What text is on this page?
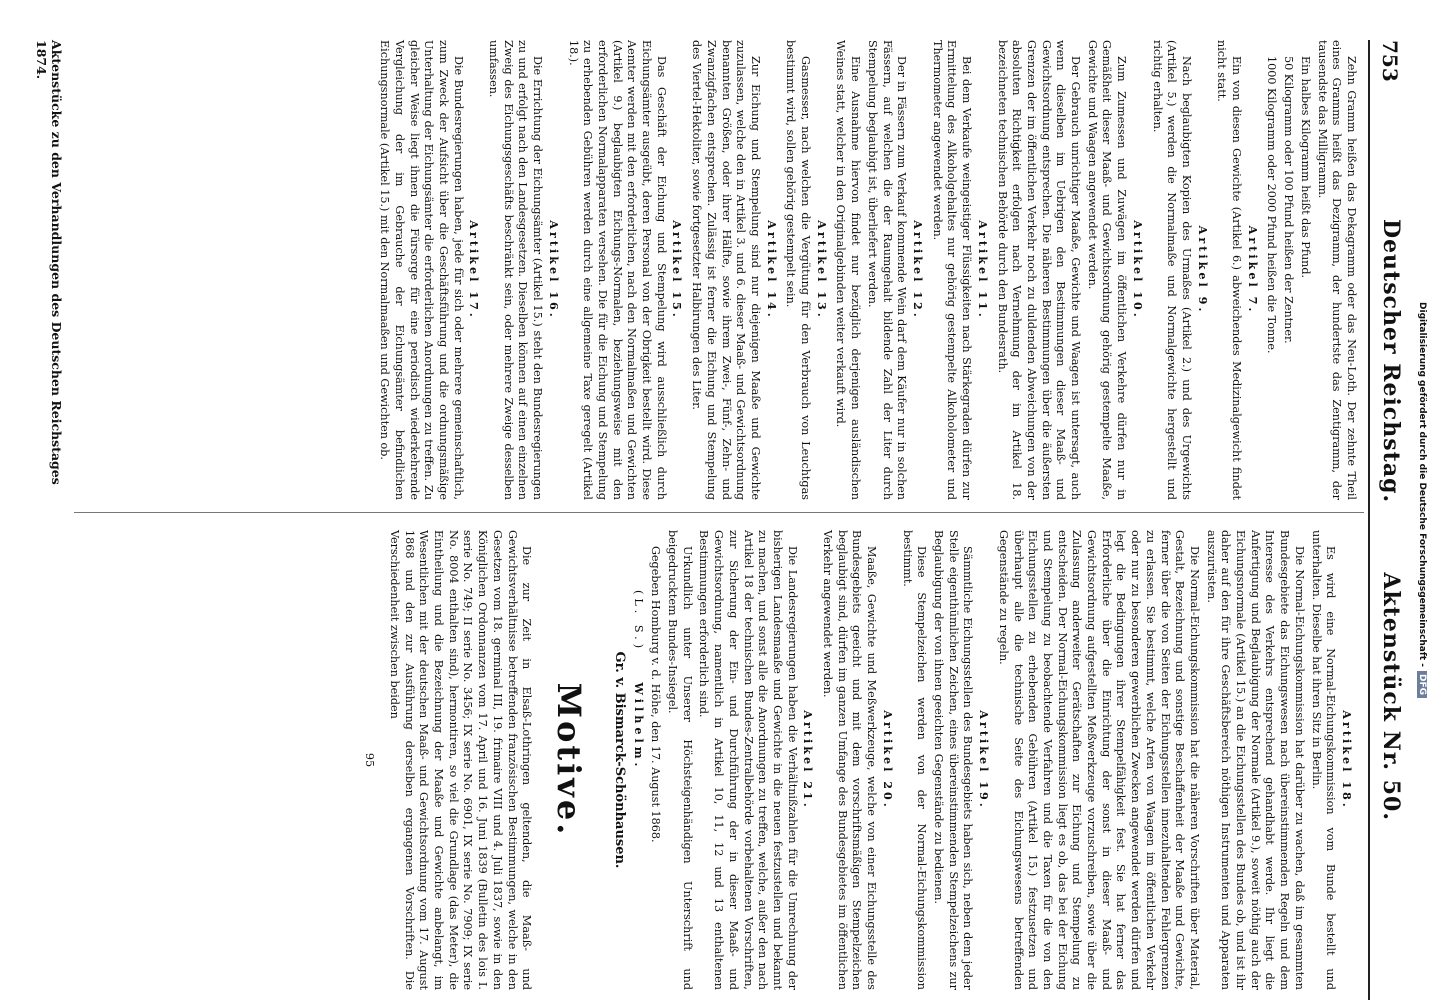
753
Deutscher Reichstag.        Aktenstück Nr. 50.

Zehn Gramm heißen das Dekagramm oder das Neu-Loth. Der zehnte Theil eines Gramms heißt das Dezigramm, der hundertste das Zentigramm, der tausendste das Milligramm.

Ein halbes Kilogramm heißt das Pfund.

50 Kilogramm oder 100 Pfund heißen der Zentner.

1000 Kilogramm oder 2000 Pfund heißen die Tonne.

Artikel 7.

Ein von diesen Gewichte (Artikel 6.) abweichendes Medizinalgewicht findet nicht statt.

Artikel 9.

Nach beglaubigten Kopien des Urmaßes (Artikel 2.) und des Urgewichts (Artikel 5.) werden die Normalmaße und Normalgewichte hergestellt und richtig erhalten.

Artikel 10.

Zum Zumessen und Zuwägen im öffentlichen Verkehre dürfen nur in Gemäßheit dieser Maaß- und Gewichtsordnung gehörig gestempelte Maaße, Gewichte und Waagen angewendet werden.

Der Gebrauch unrichtiger Maaße, Gewichte und Waagen ist untersagt, auch wenn dieselben im Uebrigen den Bestimmungen dieser Maaß- und Gewichtsordnung entsprechen. Die näheren Bestimmungen über die äußersten Grenzen der im öffentlichen Verkehr noch zu duldenden Abweichungen von der absoluten Richtigkeit erfolgen nach Vernehmung der im Artikel 18. bezeichneten technischen Behörde durch den Bundesrath.

Artikel 11.

Bei dem Verkaufe weingeistiger Flüssigkeiten nach Stärkegraden dürfen zur Ermittelung des Alkoholgehaltes nur gehörig gestempelte Alkoholometer und Thermometer angewendet werden.

Artikel 12.

Der in Fässern zum Verkauf kommende Wein darf dem Käufer nur in solchen Fässern, auf welchen die der Raumgehalt bildende Zahl der Liter durch Stempelung beglaubigt ist, überliefert werden.

Eine Ausnahme hiervon findet nur bezüglich derjenigen ausländischen Weines statt, welcher in den Originalgebinden weiter verkauft wird.

Artikel 13.

Gasmesser, nach welchen die Vergütung für den Verbrauch von Leuchtgas bestimmt wird, sollen gehörig gestempelt sein.

Artikel 14.

Zur Eichung und Stempelung sind nur diejenigen Maaße und Gewichte zuzulassen, welche den in Artikel 3. und 6. dieser Maaß- und Gewichtsordnung benannten Größen, oder ihrer Hälfte, sowie ihrem Zwei-, Fünf-, Zehn- und Zwanzigfachen entsprechen. Zulässig ist ferner die Eichung und Stempelung des Viertel-Hektoliter, sowie fortgesetzter Halbirungen des Liter.

Artikel 15.

Das Geschäft der Eichung und Stempelung wird ausschließlich durch Eichungsämter ausgeübt, deren Personal von der Obrigkeit bestellt wird. Diese Aemter werden mit den erforderlichen, nach den Normalmaßen und Gewichten (Artikel 9.) beglaubigten Eichungs-Normalen, beziehungsweise mit den erforderlichen Normalapparaten versehen. Die für die Eichung und Stempelung zu erhebenden Gebühren werden durch eine allgemeine Taxe geregelt (Artikel 18.).

Artikel 16.

Die Errichtung der Eichungsämter (Artikel 15.) steht den Bundesregierungen zu und erfolgt nach den Landesgesetzen. Dieselben können auf einen einzelnen Zweig des Eichungsgeschäfts beschränkt sein, oder mehrere Zweige desselben umfassen.

Artikel 17.

Die Bundesregierungen haben, jede für sich oder mehrere gemeinschaftlich, zum Zweck der Aufsicht über die Geschäftsführung und die ordnungsmäßige Unterhaltung der Eichungsämter die erforderlichen Anordnungen zu treffen. Zu gleicher Weise liegt ihnen die Fürsorge für eine periodisch wiederkehrende Vergleichung der im Gebrauche der Eichungsämter befindlichen Eichungsnormale (Artikel 15.) mit den Normalmaaßen und Gewichten ob.

Artikel 18.

Es wird eine Normal-Eichungskommission vom Bunde bestellt und unterhalten. Dieselbe hat ihren Sitz in Berlin.

Die Normal-Eichungskommission hat darüber zu wachen, daß im gesammten Bundesgebiete das Eichungswesen nach übereinstimmenden Regeln und dem Interesse des Verkehrs entsprechend gehandhabt werde. Ihr liegt die Anfertigung und Beglaubigung der Normale (Artikel 9.), soweit nöthig auch der Eichungsnormale (Artikel 15.) an die Eichungsstellen des Bundes ob, und ist ihr daher auf den für ihre Geschäftsbereich nöthigen Instrumenten und Apparaten auszurüsten.

Die Normal-Eichungskommission hat die näheren Vorschriften über Material, Gestalt, Bezeichnung und sonstige Beschaffenheit der Maaße und Gewichte, ferner über die von Seiten der Eichungsstellen innezuhaltenden Fehlergrenzen zu erlassen. Sie bestimmt, welche Arten von Waagen im öffentlichen Verkehr oder nur zu besonderen gewerblichen Zwecken angewendet werden dürfen und legt die Bedingungen ihrer Stempelfähigkeit fest. Sie hat ferner das Erforderliche über die Einrichtung der sonst in dieser Maaß- und Gewichtsordnung aufgestellten Meßwerkzeuge vorzuschreiben, sowie über die Zulassung anderweiter Gerätschaften zur Eichung und Stempelung zu entscheiden. Der Normal-Eichungskommission liegt es ob, das bei der Eichung und Stempelung zu beobachtende Verfahren und die Taxen für die von den Eichungsstellen zu erhebenden Gebühren (Artikel 15.) festzusetzen und überhaupt alle die technische Seite des Eichungswesens betreffenden Gegenstände zu regeln.

Artikel 19.

Sämmtliche Eichungsstellen des Bundesgebiets haben sich, neben dem jeder Stelle eigenthümlichen Zeichen, eines übereinstimmenden Stempelzeichens zur Beglaubigung der von ihnen geeichten Gegenstände zu bedienen.

Diese Stempelzeichen werden von der Normal-Eichungskommission bestimmt.

Artikel 20.

Maaße, Gewichte und Meßwerkzeuge, welche von einer Eichungsstelle des Bundesgebiets geeicht und mit dem vorschriftsmäßigen Stempelzeichen beglaubigt sind, dürfen im ganzen Umfange des Bundesgebietes im öffentlichen Verkehr angewendet werden.

Artikel 21.

Die Landesregierungen haben die Verhältnißzahlen für die Umrechnung der bisherigen Landesmaaße und Gewichte in die neuen festzustellen und bekannt zu machen, und sonst alle die Anordnungen zu treffen, welche, außer den nach Artikel 18 der technischen Bundes-Zentralbehörde vorbehaltenen Vorschriften, zur Sicherung der Ein- und Durchführung der in dieser Maaß- und Gewichtsordnung, namentlich in Artikel 10, 11, 12 und 13 enthaltenen Bestimmungen erforderlich sind.

Urkundlich unter Unserer Höchsteigenhändigen Unterschrift und beigedrucktem Bundes-Insiegel.

Gegeben Homburg v. d. Höhe, den 17. August 1868.

(L. S.)    Wilhelm.

Gr. v. Bismarck-Schönhausen.

Motive.

Die zur Zeit in Elsaß-Lothringen geltenden, die Maaß- und Gewichtsverhältnisse betreffenden französischen Bestimmungen, welche in den Gesetzen vom 18. germinal III, 19. frimaire VIII und 4. Juli 1837, sowie in den Königlichen Ordonnanzen vom 17. April und 16. Juni 1839 (Bulletin des lois I. serie No. 749; II serie No. 3456; IX serie No. 6901, IX serie No. 7909; IX serie No. 8004 enthalten sind), hermontiren, so viel die Grundlage (das Meter), die Eintheilung und die Bezeichnung der Maaße und Gewichte anbelangt, im Wesentlichen mit der deutschen Maaß- und Gewichtsordnung vom 17. August 1868 und den zur Ausführung derselben ergangenen Vorschriften. Die Verschiedenheit zwischen beiden

95

Aktenstücke zu den Verhandlungen des Deutschen Reichstages 1874.
Digitalisierung gefördert durch die Deutsche Forschungsgemeinschaft -DFG
